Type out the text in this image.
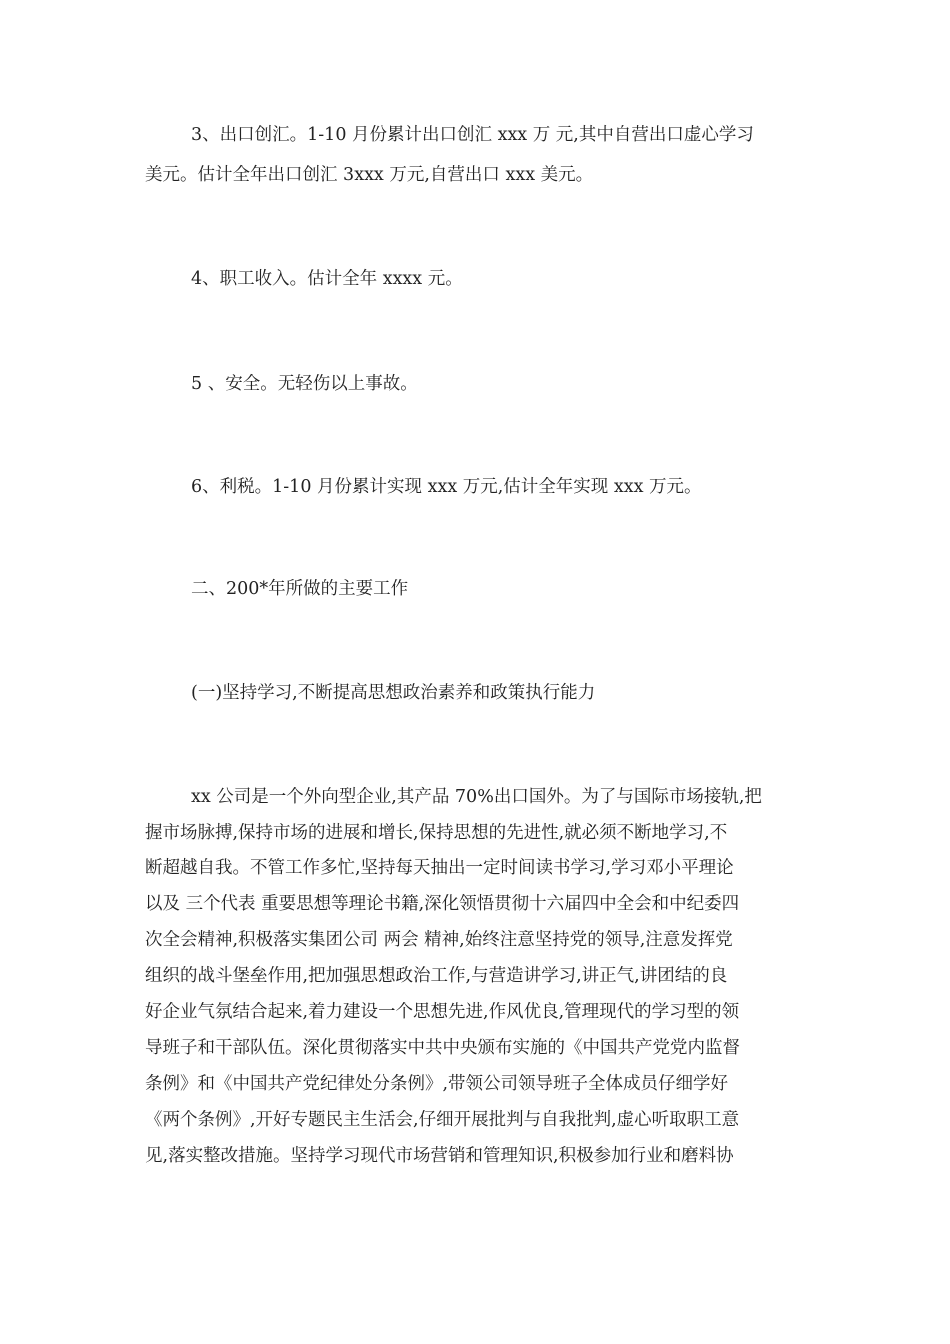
3、出口创汇。1-10 月份累计出口创汇 xxx 万 元,其中自营出口虚心学习
美元。估计全年出口创汇 3xxx 万元,自营出口 xxx 美元。
4、职工收入。估计全年 xxxx 元。
5 、安全。无轻伤以上事故。
6、利税。1-10 月份累计实现 xxx 万元,估计全年实现 xxx 万元。
二、200*年所做的主要工作
(一)坚持学习,不断提高思想政治素养和政策执行能力
xx 公司是一个外向型企业,其产品 70%出口国外。为了与国际市场接轨,把
握市场脉搏,保持市场的进展和增长,保持思想的先进性,就必须不断地学习,不
断超越自我。不管工作多忙,坚持每天抽出一定时间读书学习,学习邓小平理论
以及 三个代表 重要思想等理论书籍,深化领悟贯彻十六届四中全会和中纪委四
次全会精神,积极落实集团公司 两会 精神,始终注意坚持党的领导,注意发挥党
组织的战斗堡垒作用,把加强思想政治工作,与营造讲学习,讲正气,讲团结的良
好企业气氛结合起来,着力建设一个思想先进,作风优良,管理现代的学习型的领
导班子和干部队伍。深化贯彻落实中共中央颁布实施的《中国共产党党内监督
条例》和《中国共产党纪律处分条例》,带领公司领导班子全体成员仔细学好
《两个条例》,开好专题民主生活会,仔细开展批判与自我批判,虚心听取职工意
见,落实整改措施。坚持学习现代市场营销和管理知识,积极参加行业和磨料协
